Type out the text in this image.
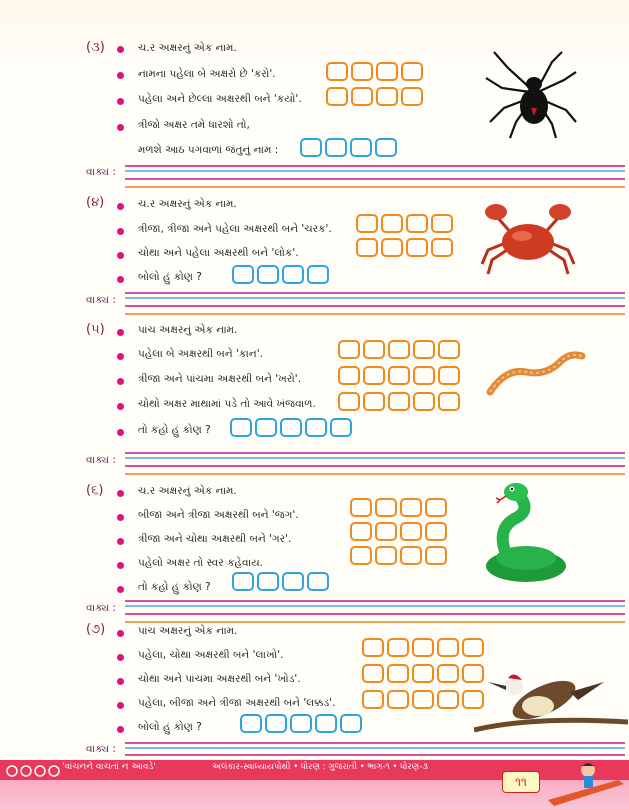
(૩)	ચ.ર અક્ષરનું એક નામ.
નામના પહેલા બે અક્ષરો છે 'કરો'.
પહેલા અને છેલ્લા અક્ષરથી બને 'કયો'.
ત્રીજો અક્ષર તમે ધારશો તો,
મળશે આઠ પગવાળાં જંતુનું નામ :
વાક્ય :
(૪)	ચ.ર અક્ષરનું એક નામ.
ત્રીજા, ત્રીજા અને પહેલા અક્ષરથી બને 'ચરક'.
ચોથા અને પહેલા અક્ષરથી બને 'લોક'.
બોલો હું કોણ ?
વાક્ય :
(૫)	પાંચ અક્ષરનું એક નામ.
પહેલા બે અક્ષરથી બને 'કાન'.
ત્રીજા અને પાંચમા અક્ષરથી બને 'ખરો'.
ચોથો અક્ષર માથામાં પડે તો આવે ખંજવાળ.
તો કહો હું કોણ ?
વાક્ય :
(૬)	ચ.ર અક્ષરનું એક નામ.
બીજા અને ત્રીજા અક્ષરથી બને 'જગ'.
ત્રીજા અને ચોથા અક્ષરથી બને 'ગર'.
પહેલો અક્ષર તો સ્વર કહેવાય.
તો કહો હું કોણ ?
વાક્ય :
(૭)	પાંચ અક્ષરનું એક નામ.
પહેલા, ચોથા અક્ષરથી બને 'લાખો'.
ચોથા અને પાંચમા અક્ષરથી બને 'ખોડ'.
પહેલા, બીજા અને ત્રીજા અક્ષરથી બને 'લક્કડ'.
બોલો હું કોણ ?
વાક્ય :
'વાંચનને વાચતાં ન આવડે'	અલંકાર-સ્વાધ્યાયપોથી • ધોરણ : ગુજરાતી • ભાગ-૧ • ધોરણ-૩
૧૧
